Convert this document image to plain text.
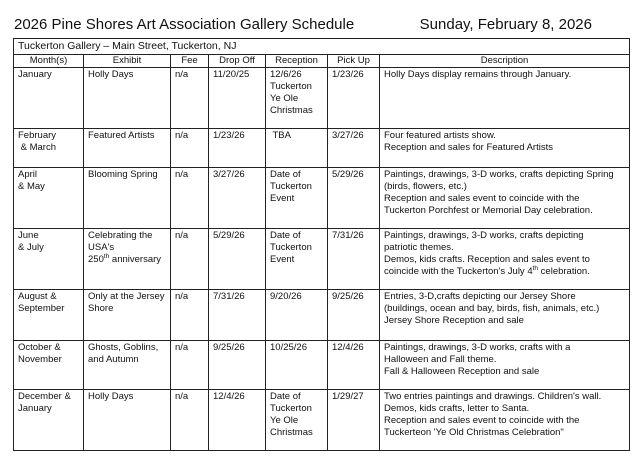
2026 Pine Shores Art Association Gallery Schedule	Sunday, February 8, 2026
Tuckerton Gallery – Main Street, Tuckerton, NJ						
Month(s)	Exhibit	Fee	Drop Off	Reception	Pick Up	Description

January	Holly Days	n/a	11/20/25	12/6/26
Tuckerton
Ye Ole
Christmas	1/23/26	Holly Days display remains through January.

February
& March	Featured Artists	n/a	1/23/26	TBA	3/27/26	Four featured artists show.
Reception and sales for Featured Artists

April
& May	Blooming Spring	n/a	3/27/26	Date of
Tuckerton
Event	5/29/26	Paintings, drawings, 3-D works, crafts depicting Spring
(birds, flowers, etc.)
Reception and sales event to coincide with the
Tuckerton Porchfest or Memorial Day celebration.

June
& July	Celebrating the
USA's
250th anniversary	n/a	5/29/26	Date of
Tuckerton
Event	7/31/26	Paintings, drawings, 3-D works, crafts depicting
patriotic themes.
Demos, kids crafts. Reception and sales event to
coincide with the Tuckerton's July 4th celebration.

August &
September	Only at the Jersey
Shore	n/a	7/31/26	9/20/26	9/25/26	Entries, 3-D,crafts depicting our Jersey Shore
(buildings, ocean and bay, birds, fish, animals, etc.)
Jersey Shore Reception and sale

October &
November	Ghosts, Goblins,
and Autumn	n/a	9/25/26	10/25/26	12/4/26	Paintings, drawings, 3-D works, crafts with a
Halloween and Fall theme.
Fall & Halloween Reception and sale

December &
January	Holly Days	n/a	12/4/26	Date of
Tuckerton
Ye Ole
Christmas	1/29/27	Two entries paintings and drawings. Children's wall.
Demos, kids crafts, letter to Santa.
Reception and sales event to coincide with the
Tuckerteon 'Ye Old Christmas Celebration"
